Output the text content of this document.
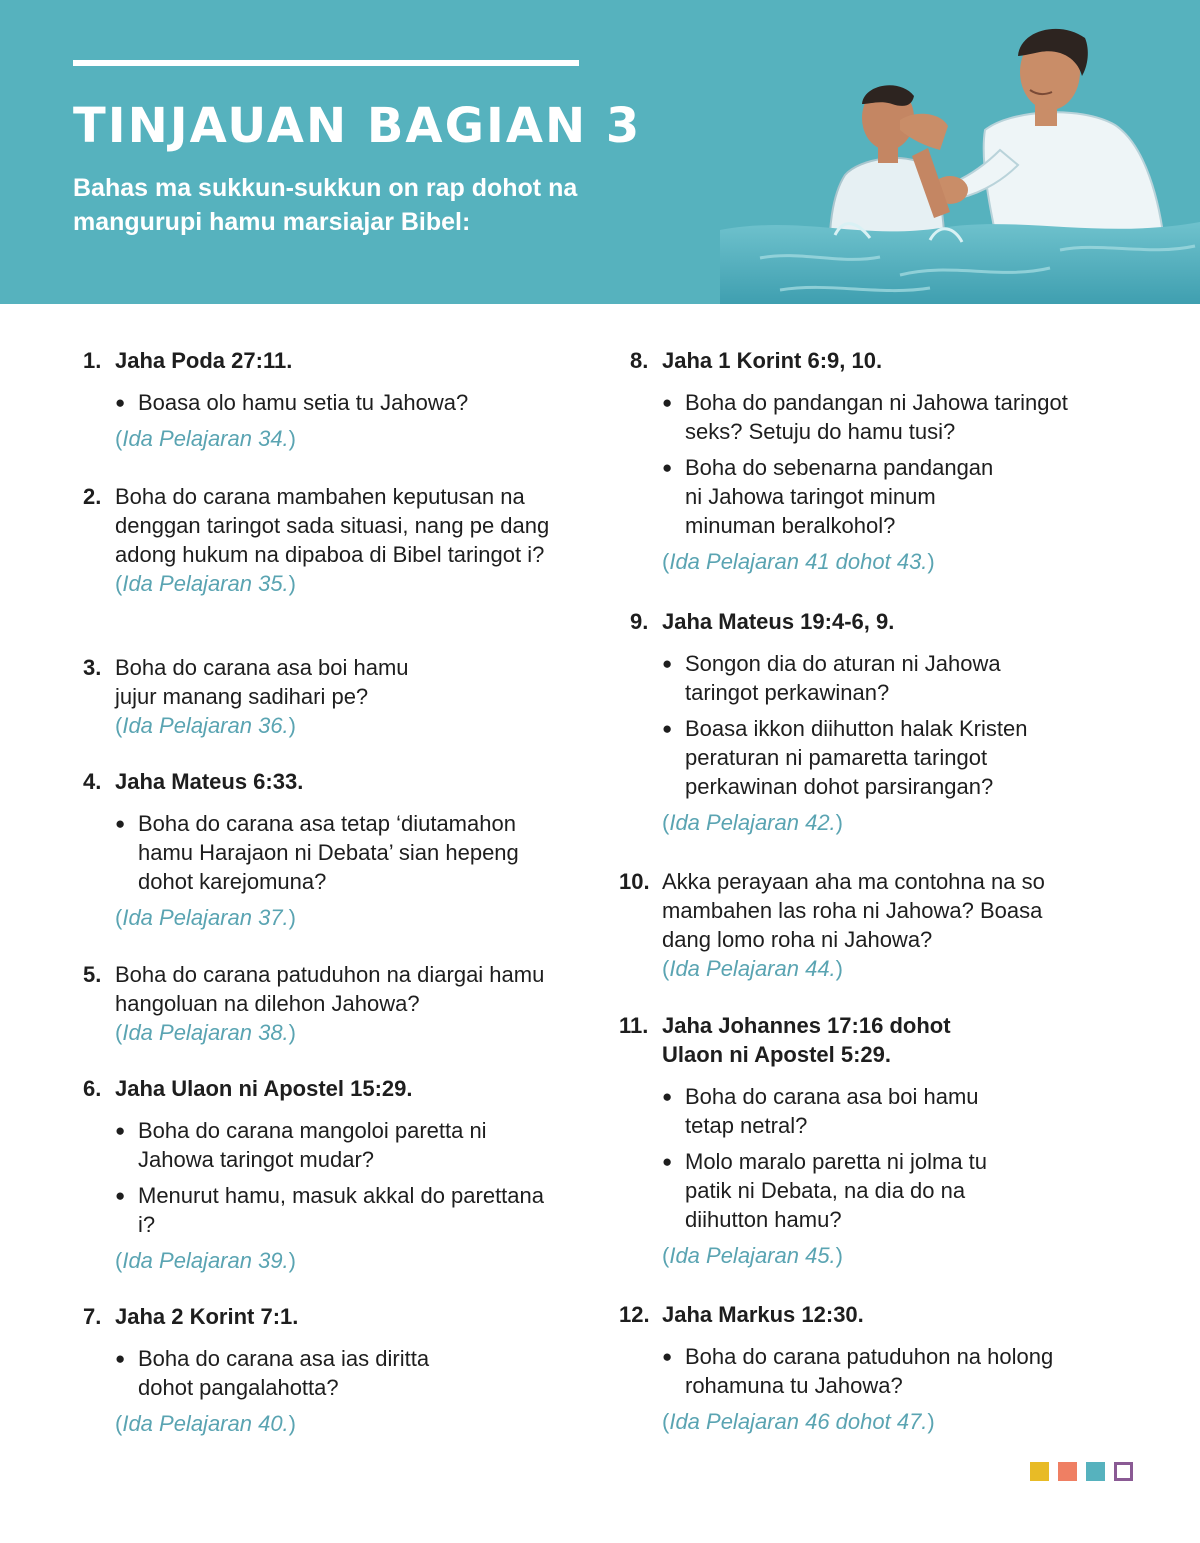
TINJAUAN BAGIAN 3

Bahas ma sukkun-sukkun on rap dohot na mangurupi hamu marsiajar Bibel:

1. Jaha Poda 27:11.
● Boasa olo hamu setia tu Jahowa?
(Ida Pelajaran 34.)
2. Boha do carana mambahen keputusan na denggan taringot sada situasi, nang pe dang adong hukum na dipaboa di Bibel taringot i?
(Ida Pelajaran 35.)
3. Boha do carana asa boi hamu jujur manang sadihari pe?
(Ida Pelajaran 36.)
4. Jaha Mateus 6:33.
● Boha do carana asa tetap ‘diutamahon hamu Harajaon ni Debata’ sian hepeng dohot karejomuna?
(Ida Pelajaran 37.)
5. Boha do carana patuduhon na diargai hamu hangoluan na dilehon Jahowa?
(Ida Pelajaran 38.)
6. Jaha Ulaon ni Apostel 15:29.
● Boha do carana mangoloi paretta ni Jahowa taringot mudar?
● Menurut hamu, masuk akkal do parettana i?
(Ida Pelajaran 39.)
7. Jaha 2 Korint 7:1.
● Boha do carana asa ias diritta dohot pangalahotta?
(Ida Pelajaran 40.)
8. Jaha 1 Korint 6:9, 10.
● Boha do pandangan ni Jahowa taringot seks? Setuju do hamu tusi?
● Boha do sebenarna pandangan ni Jahowa taringot minum minuman beralkohol?
(Ida Pelajaran 41 dohot 43.)
9. Jaha Mateus 19:4-6, 9.
● Songon dia do aturan ni Jahowa taringot perkawinan?
● Boasa ikkon diihutton halak Kristen peraturan ni pamaretta taringot perkawinan dohot parsirangan?
(Ida Pelajaran 42.)
10. Akka perayaan aha ma contohna na so mambahen las roha ni Jahowa? Boasa dang lomo roha ni Jahowa?
(Ida Pelajaran 44.)
11. Jaha Johannes 17:16 dohot Ulaon ni Apostel 5:29.
● Boha do carana asa boi hamu tetap netral?
● Molo maralo paretta ni jolma tu patik ni Debata, na dia do na diihutton hamu?
(Ida Pelajaran 45.)
12. Jaha Markus 12:30.
● Boha do carana patuduhon na holong rohamuna tu Jahowa?
(Ida Pelajaran 46 dohot 47.)
